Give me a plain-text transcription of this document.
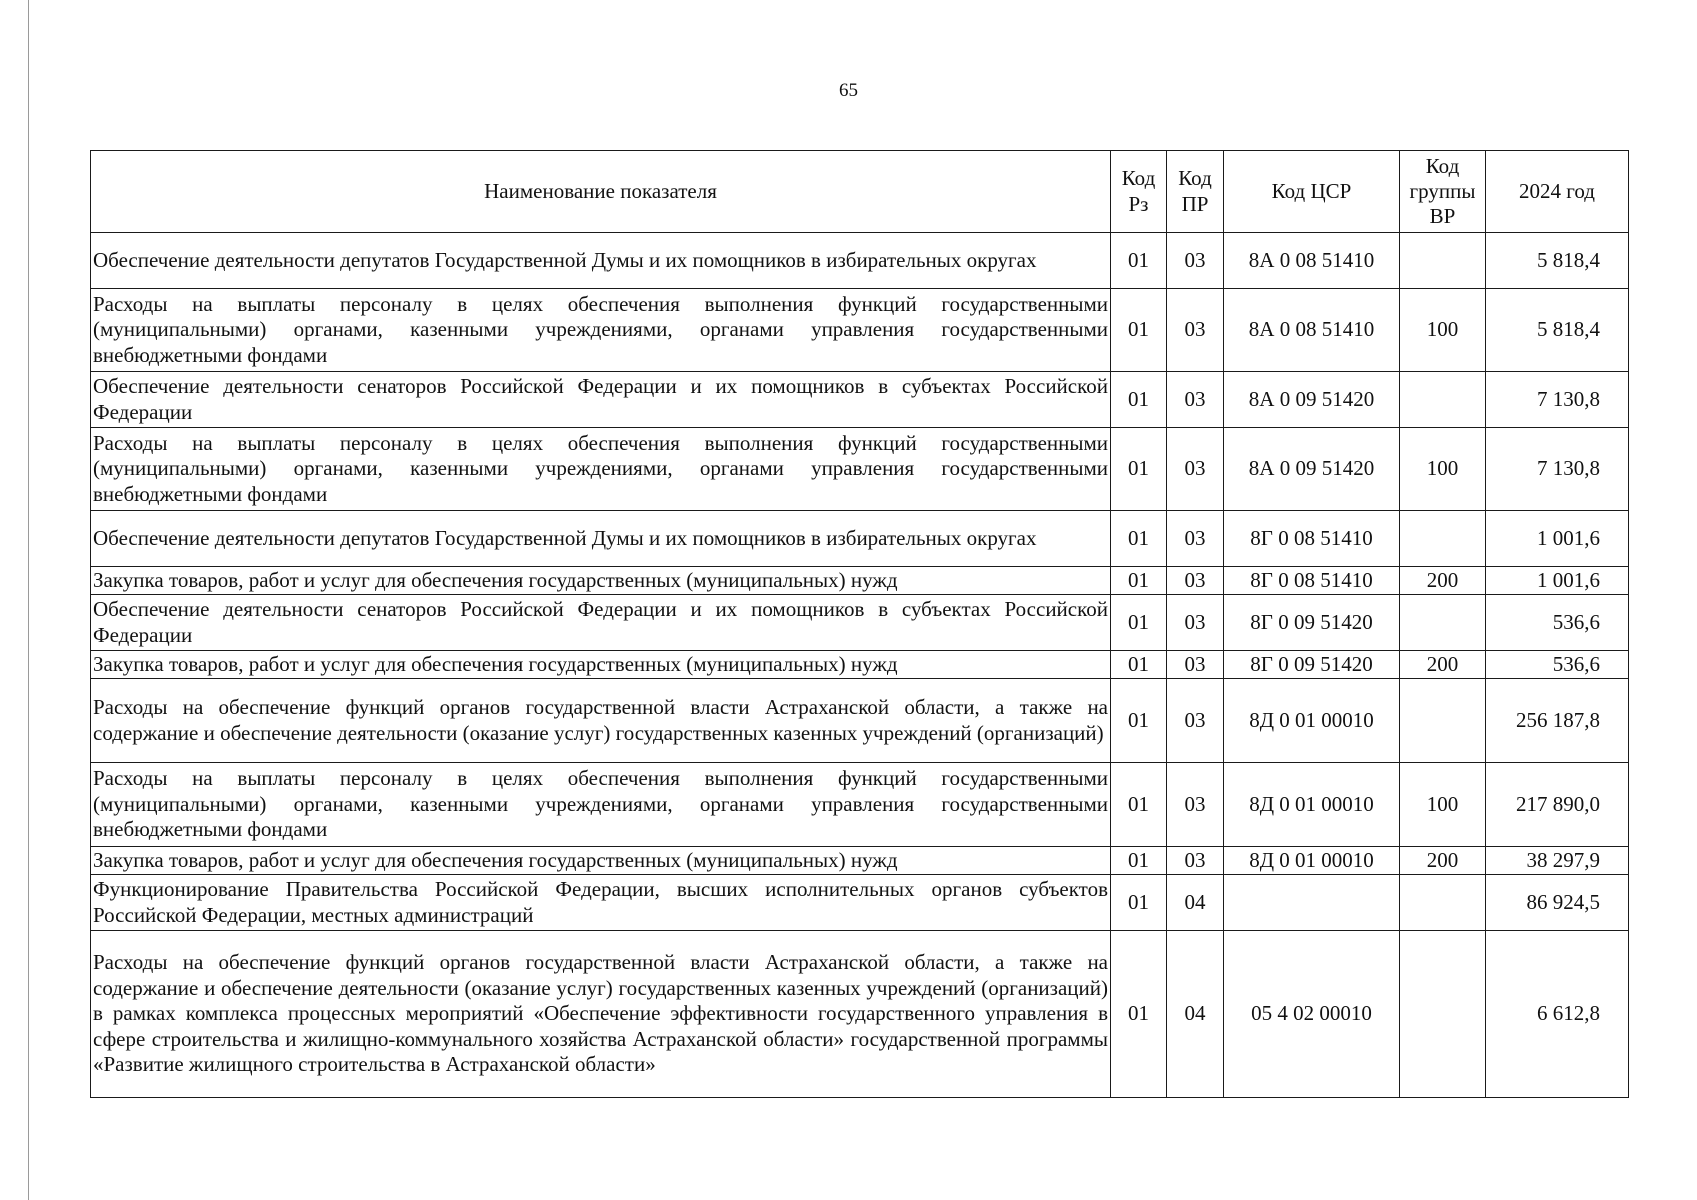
65
Наименование показателя	Код Рз	Код ПР	Код ЦСР	Код группы ВР	2024 год
Обеспечение деятельности депутатов Государственной Думы и их помощников в избирательных округах	01	03	8А 0 08 51410		5 818,4
Расходы на выплаты персоналу в целях обеспечения выполнения функций государственными (муниципальными) органами, казенными учреждениями, органами управления государственными внебюджетными фондами	01	03	8А 0 08 51410	100	5 818,4
Обеспечение деятельности сенаторов Российской Федерации и их помощников в субъектах Российской Федерации	01	03	8А 0 09 51420		7 130,8
Расходы на выплаты персоналу в целях обеспечения выполнения функций государственными (муниципальными) органами, казенными учреждениями, органами управления государственными внебюджетными фондами	01	03	8А 0 09 51420	100	7 130,8
Обеспечение деятельности депутатов Государственной Думы и их помощников в избирательных округах	01	03	8Г 0 08 51410		1 001,6
Закупка товаров, работ и услуг для обеспечения государственных (муниципальных) нужд	01	03	8Г 0 08 51410	200	1 001,6
Обеспечение деятельности сенаторов Российской Федерации и их помощников в субъектах Российской Федерации	01	03	8Г 0 09 51420		536,6
Закупка товаров, работ и услуг для обеспечения государственных (муниципальных) нужд	01	03	8Г 0 09 51420	200	536,6
Расходы на обеспечение функций органов государственной власти Астраханской области, а также на содержание и обеспечение деятельности (оказание услуг) государственных казенных учреждений (организаций)	01	03	8Д 0 01 00010		256 187,8
Расходы на выплаты персоналу в целях обеспечения выполнения функций государственными (муниципальными) органами, казенными учреждениями, органами управления государственными внебюджетными фондами	01	03	8Д 0 01 00010	100	217 890,0
Закупка товаров, работ и услуг для обеспечения государственных (муниципальных) нужд	01	03	8Д 0 01 00010	200	38 297,9
Функционирование Правительства Российской Федерации, высших исполнительных органов субъектов Российской Федерации, местных администраций	01	04			86 924,5
Расходы на обеспечение функций органов государственной власти Астраханской области, а также на содержание и обеспечение деятельности (оказание услуг) государственных казенных учреждений (организаций) в рамках комплекса процессных мероприятий «Обеспечение эффективности государственного управления в сфере строительства и жилищно-коммунального хозяйства Астраханской области» государственной программы «Развитие жилищного строительства в Астраханской области»	01	04	05 4 02 00010		6 612,8
